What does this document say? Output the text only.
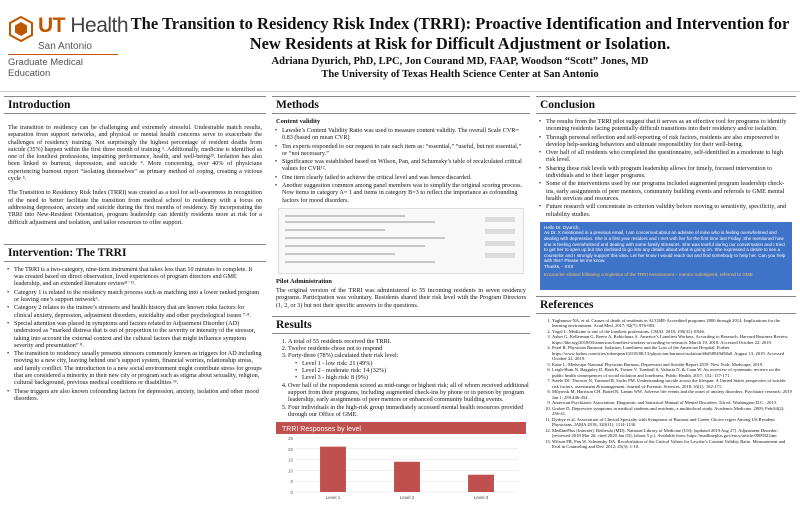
UT Health
San Antonio
Graduate Medical
Education
The Transition to Residency Risk Index (TRRI): Proactive Identification and Intervention for
New Residents at Risk for Difficult Adjustment or Isolation.
Adriana Dyurich, PhD, LPC, Jon Courand MD, FAAP, Woodson “Scott” Jones, MD
The University of Texas Health Science Center at San Antonio
Introduction

The transition to residency can be challenging and extremely stressful. Undesirable match results, separation from support networks, and physical or mental health concerns serve to exacerbate the challenges of residency training. Not surprisingly the highest percentage of resident deaths from suicide (35%) happen within the first three month of training ¹. Additionally, medicine is identified as one of the loneliest professions, impairing performance, health, and well-being²³. Isolation has also been linked to burnout, depression, and suicide ⁴. More concerning, over 40% of physicians experiencing burnout report “isolating themselves” as primary method of coping, creating a vicious cycle ⁵.

The Transition to Residency Risk Index (TRRI) was created as a tool for self-awareness in recognition of the need to better facilitate the transition from medical school to residency with a focus on addressing depression, anxiety and suicide during the first months of residency. By incorporating the TRRI into New-Resident Orientation, program leadership can identify residents more at risk for a difficult adjustment and isolation, and tailor resources to offer support.

Intervention: The TRRI
• The TRRI is a two-category, nine-item instrument that takes less than 10 minutes to complete. It was created based on direct observation, lived experiences of program directors and GME leadership, and an extended literature review⁸⁻¹¹.
• Category 1 is related to the residency match process such as matching into a lower ranked program or leaving one’s support network⁶.
• Category 2 relates to the trainee’s stressors and health history that are known risks factors for clinical anxiety, depression, adjustment disorders, suicidality and other psychological issues ⁷·⁸.
• Special attention was placed in symptoms and factors related to Adjustment Disorder (AD) understood as “marked distress that is out of proportion to the severity or intensity of the stressor, taking into account the external context and the cultural factors that might influence symptom severity and presentation” ⁸.
• The transition to residency usually presents stressors commonly known as triggers for AD including moving to a new city, leaving behind one’s support system, financial worries, relationship stress, and family conflict. The introduction to a new social environment might contribute stress for groups that are considered a minority in their new city or program such as stigma about sexuality, religion, cultural background, previous medical conditions or disabilities ¹¹.
• These triggers are also known cofounding factors for depression, anxiety, isolation and other mood disorders.
Methods
Content validity
• Lawshe’s Content Validity Ratio was used to measure content validity. The overall Scale CVR= 0.83 (based on mean CVR)
• Ten experts responded to our request to rate each item as: “essential,” “useful, but not essential,” or “not necessary.”
• Significance was established based on Wilson, Pan, and Schumsky’s table of recalculated critical values for CVR¹².
• One item clearly failed to achieve the critical level and was hence discarded.
• Another suggestion common among panel members was to simplify the original scoring process. Now items in category A= 1 and items in category B=3 to reflect the importance as cofounding factors for mood disorders.
Pilot Administration

The original version of the TRRI was administered to 55 incoming residents in seven residency programs. Participation was voluntary. Residents shared their risk level with the Program Directors (1, 2, or 3) but not their specific answers to the questions.

Results
1. A total of 55 residents received the TRRI.
2. Twelve residents chose not to respond
3. Forty-three (78%) calculated their risk level:
• Level 1 - low risk: 21 (49%)
• Level 2 - moderate risk: 14 (32%)
• Level 3 - high risk: 8 (9%)
4. Over half of the respondents scored as mid-range or highest risk; all of whom received additional support from their programs, including augmented check-ins by phone or in person by program leadership, early assignments of peer mentors or enhanced community building events.
5. Four individuals in the high-risk group immediately accessed mental health resources provided through our Office of GME.
TRRI Responses by level
0
5
10
15
20
25
Level 1	Level 2	Level 3
Conclusion
• The results from the TRRI pilot suggest that it serves as an effective tool for programs to identify incoming residents facing potentially difficult transitions into their residency and/or isolation.
• Through personal reflection and self-reporting of risk factors, residents are also empowered to develop help-seeking behaviors and ultimate responsibility for their well-being.
• Over half of all residents who completed the questionnaire, self-identified in a moderate to high risk level.
• Sharing these risk levels with program leadership allows for timely, focused intervention to individuals and to their larger programs.
• Some of the interventions used by our programs included augmented program leadership check-ins, early assignments of peer mentors, community building events and referrals to GME mental health services and resources.
• Future research will concentrate in criterion validity before moving to sensitivity, specificity, and reliability studies.

Hello Dr. Dyurich,

As Dr. X mentioned in a previous email, I am concerned about an advisee of mine who is feeling overwhelmed and dealing with depression. She is a first year resident and I met with her for the first time last Friday. She mentioned how she is feeling overwhelmed and dealing with some family stressors. She was tearful during our conversation and I tried to get her to open up but she declined to go into any details about what is going on. She expressed a desire to see a counselor and I strongly support this idea. Let her know I would reach out and find somebody to help her. Can you help with this? Please let me know.

Thanks, - XXX

Encounter elicited following completion of the TRRI Assessment – mentor redesigned, referred to GME

References
1. Yaghmour NA, et al. Causes of death of residents in ACGME-Accredited programs 2000 through 2014: Implications for the learning environment. Acad Med. 2017; 92(7): 976-983.
2. Vogel L. Medicine is one of the loneliest professions. CMAJ. 2018; 190(31): E946.
3. Asher G, Kellerman G, Reece A, Robichaux A. America’s Loneliest Workers, According to Research. Harvard Business Review. https://hbr.org/2018/03/americas-loneliest-workers-according-to-research. March 19, 2018. Accessed October 22, 2019.
4. Pearl R. Physician Burnout: Isolation, Loneliness and the Loss of the American Hospital. Forbes. https://www.forbes.com/sites/robertpearl/2019/08/13/physician-burnout-isolation/#6d58949d58a0. August 13, 2019. Accessed October 22, 2019.
5. Kane L. Medscape National Physician Burnout, Depression and Suicide Report 2019. New York: Medscape; 2019.
6. Leigh-Hunt N, Bagguley D, Bash K, Turner V, Turnbull S, Valtorta N, & Caan W. An overview of systematic reviews on the public health consequences of social isolation and loneliness. Public Health. 2017; 152: 157-171.
7. Steele DJ, Thrower N, Yarnoud R, Sachs PM. Understanding suicide across the lifespan: A United States perspective of suicide risk factors, assessment & management. Journal of Forensic Sciences. 2018; 63(1): 162-171.
8. Milyavsk M, Harrison CH, Bottel R, Lamm WW. Adverse life events and the onset of anxiety disorders. Psychiatry research. 2019 Jan 1; 259:446-454.
9. American Psychiatric Association. Diagnostic and Statistical Manual of Mental Disorders. 5th ed. Washington D.C.; 2013.
10. Grober D. Depressive symptoms in medical students and residents, a multischool study. Academic Medicine. 2009; Feb;84(2): 236-41.
11. Dyrbye et al. Association of Clinical Specialty with Symptoms of Burnout and Career Choice regret Among US Resident Physicians. JAMA 2018; 320(11): 1114-1130.
12. MedlinePlus [Internet]. Bethesda (MD): National Library of Medicine (US); [updated 2019 Aug 27]. Adjustment Disorder; [reviewed 2018 Mar 26; cited 2020 Jan 03]; [about 5 p.]. Available from: https://medlineplus.gov/ency/article/000932.htm
13. Wilson FR, Pan W, Schumsky DA. Recalculation of the Critical Values for Lawshe’s Content Validity Ratio. Measurement and Eval in Counseling and Dev. 2012; 45(3): 1-10.
